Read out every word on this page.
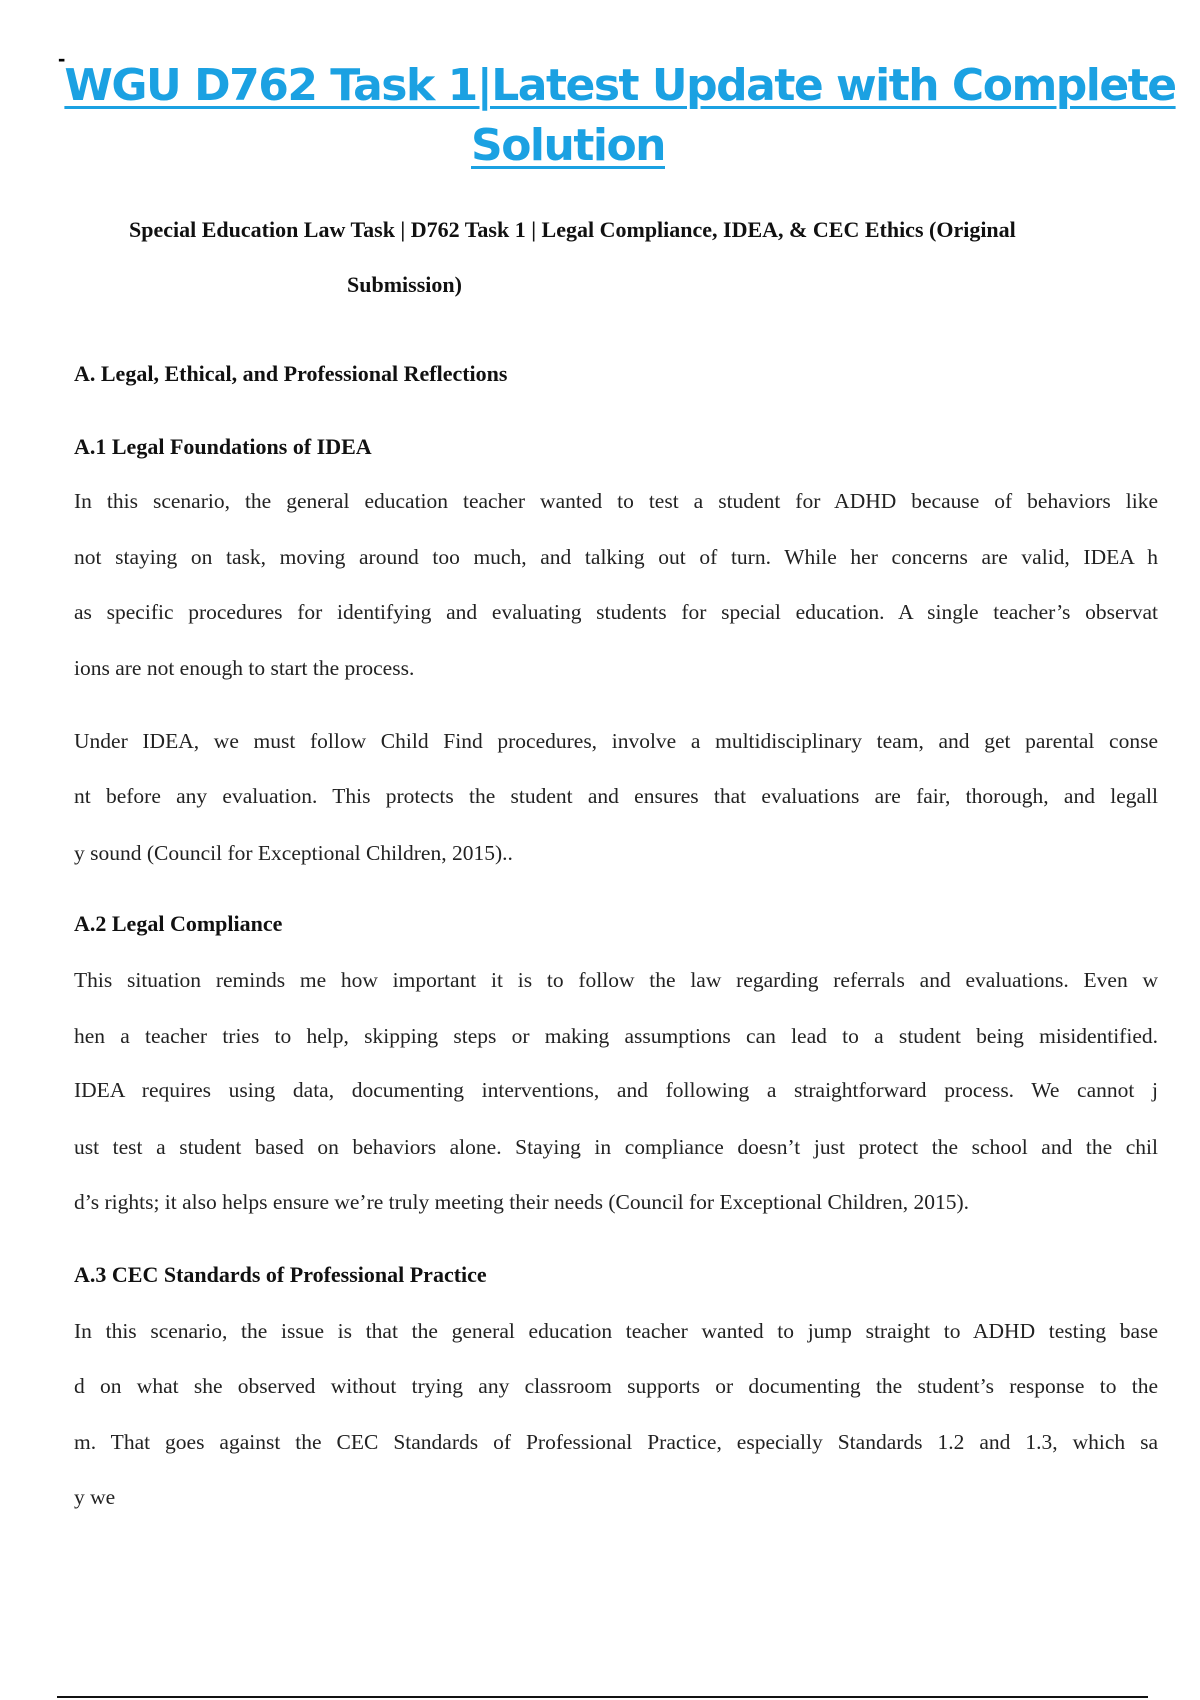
-
WGU D762 Task 1|Latest Update with Complete
Solution
Special Education Law Task | D762 Task 1 | Legal Compliance, IDEA, & CEC Ethics (Original
Submission)
A. Legal, Ethical, and Professional Reflections
A.1 Legal Foundations of IDEA
In this scenario, the general education teacher wanted to test a student for ADHD because of behaviors like
not staying on task, moving around too much, and talking out of turn. While her concerns are valid, IDEA h
as specific procedures for identifying and evaluating students for special education. A single teacher’s observat
ions are not enough to start the process.
Under IDEA, we must follow Child Find procedures, involve a multidisciplinary team, and get parental conse
nt before any evaluation. This protects the student and ensures that evaluations are fair, thorough, and legall
y sound (Council for Exceptional Children, 2015)..
A.2 Legal Compliance
This situation reminds me how important it is to follow the law regarding referrals and evaluations. Even w
hen a teacher tries to help, skipping steps or making assumptions can lead to a student being misidentified.
IDEA requires using data, documenting interventions, and following a straightforward process. We cannot j
ust test a student based on behaviors alone. Staying in compliance doesn’t just protect the school and the chil
d’s rights; it also helps ensure we’re truly meeting their needs (Council for Exceptional Children, 2015).
A.3 CEC Standards of Professional Practice
In this scenario, the issue is that the general education teacher wanted to jump straight to ADHD testing base
d on what she observed without trying any classroom supports or documenting the student’s response to the
m. That goes against the CEC Standards of Professional Practice, especially Standards 1.2 and 1.3, which sa
y we
